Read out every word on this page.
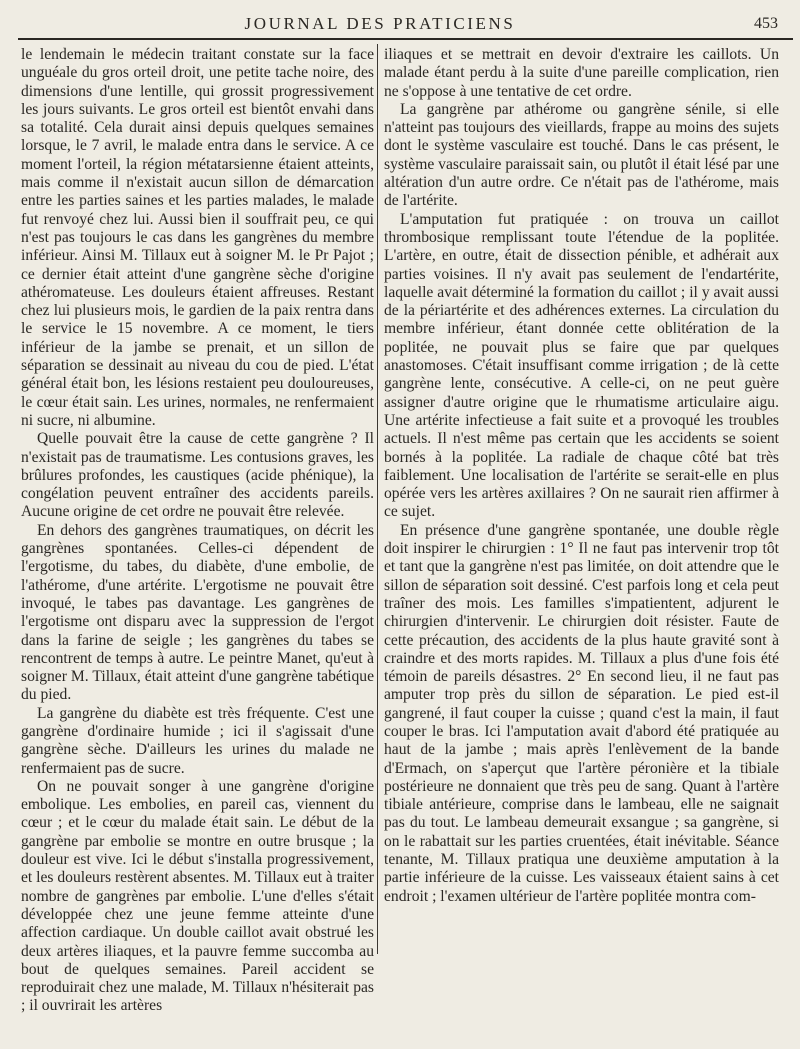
JOURNAL DES PRATICIENS	453

le lendemain le médecin traitant constate sur la face unguéale du gros orteil droit, une petite tache noire, des dimensions d'une lentille, qui grossit progressivement les jours suivants. Le gros orteil est bientôt envahi dans sa totalité. Cela durait ainsi depuis quelques semaines lorsque, le 7 avril, le malade entra dans le service. A ce moment l'orteil, la région métatarsienne étaient atteints, mais comme il n'existait aucun sillon de démarcation entre les parties saines et les parties malades, le malade fut renvoyé chez lui. Aussi bien il souffrait peu, ce qui n'est pas toujours le cas dans les gangrènes du membre inférieur. Ainsi M. Tillaux eut à soigner M. le Pr Pajot ; ce dernier était atteint d'une gangrène sèche d'origine athéromateuse. Les douleurs étaient affreuses. Restant chez lui plusieurs mois, le gardien de la paix rentra dans le service le 15 novembre. A ce moment, le tiers inférieur de la jambe se prenait, et un sillon de séparation se dessinait au niveau du cou de pied. L'état général était bon, les lésions restaient peu douloureuses, le cœur était sain. Les urines, normales, ne renfermaient ni sucre, ni albumine.

Quelle pouvait être la cause de cette gangrène ? Il n'existait pas de traumatisme. Les contusions graves, les brûlures profondes, les caustiques (acide phénique), la congélation peuvent entraîner des accidents pareils. Aucune origine de cet ordre ne pouvait être relevée.

En dehors des gangrènes traumatiques, on décrit les gangrènes spontanées. Celles-ci dépendent de l'ergotisme, du tabes, du diabète, d'une embolie, de l'athérome, d'une artérite. L'ergotisme ne pouvait être invoqué, le tabes pas davantage. Les gangrènes de l'ergotisme ont disparu avec la suppression de l'ergot dans la farine de seigle ; les gangrènes du tabes se rencontrent de temps à autre. Le peintre Manet, qu'eut à soigner M. Tillaux, était atteint d'une gangrène tabétique du pied.

La gangrène du diabète est très fréquente. C'est une gangrène d'ordinaire humide ; ici il s'agissait d'une gangrène sèche. D'ailleurs les urines du malade ne renfermaient pas de sucre.

On ne pouvait songer à une gangrène d'origine embolique. Les embolies, en pareil cas, viennent du cœur ; et le cœur du malade était sain. Le début de la gangrène par embolie se montre en outre brusque ; la douleur est vive. Ici le début s'installa progressivement, et les douleurs restèrent absentes. M. Tillaux eut à traiter nombre de gangrènes par embolie. L'une d'elles s'était développée chez une jeune femme atteinte d'une affection cardiaque. Un double caillot avait obstrué les deux artères iliaques, et la pauvre femme succomba au bout de quelques semaines. Pareil accident se reproduirait chez une malade, M. Tillaux n'hésiterait pas ; il ouvrirait les artères

iliaques et se mettrait en devoir d'extraire les caillots. Un malade étant perdu à la suite d'une pareille complication, rien ne s'oppose à une tentative de cet ordre.

La gangrène par athérome ou gangrène sénile, si elle n'atteint pas toujours des vieillards, frappe au moins des sujets dont le système vasculaire est touché. Dans le cas présent, le système vasculaire paraissait sain, ou plutôt il était lésé par une altération d'un autre ordre. Ce n'était pas de l'athérome, mais de l'artérite.

L'amputation fut pratiquée : on trouva un caillot thrombosique remplissant toute l'étendue de la poplitée. L'artère, en outre, était de dissection pénible, et adhérait aux parties voisines. Il n'y avait pas seulement de l'endartérite, laquelle avait déterminé la formation du caillot ; il y avait aussi de la périartérite et des adhérences externes. La circulation du membre inférieur, étant donnée cette oblitération de la poplitée, ne pouvait plus se faire que par quelques anastomoses. C'était insuffisant comme irrigation ; de là cette gangrène lente, consécutive. A celle-ci, on ne peut guère assigner d'autre origine que le rhumatisme articulaire aigu. Une artérite infectieuse a fait suite et a provoqué les troubles actuels. Il n'est même pas certain que les accidents se soient bornés à la poplitée. La radiale de chaque côté bat très faiblement. Une localisation de l'artérite se serait-elle en plus opérée vers les artères axillaires ? On ne saurait rien affirmer à ce sujet.

En présence d'une gangrène spontanée, une double règle doit inspirer le chirurgien : 1° Il ne faut pas intervenir trop tôt et tant que la gangrène n'est pas limitée, on doit attendre que le sillon de séparation soit dessiné. C'est parfois long et cela peut traîner des mois. Les familles s'impatientent, adjurent le chirurgien d'intervenir. Le chirurgien doit résister. Faute de cette précaution, des accidents de la plus haute gravité sont à craindre et des morts rapides. M. Tillaux a plus d'une fois été témoin de pareils désastres. 2° En second lieu, il ne faut pas amputer trop près du sillon de séparation. Le pied est-il gangrené, il faut couper la cuisse ; quand c'est la main, il faut couper le bras. Ici l'amputation avait d'abord été pratiquée au haut de la jambe ; mais après l'enlèvement de la bande d'Ermach, on s'aperçut que l'artère péronière et la tibiale postérieure ne donnaient que très peu de sang. Quant à l'artère tibiale antérieure, comprise dans le lambeau, elle ne saignait pas du tout. Le lambeau demeurait exsangue ; sa gangrène, si on le rabattait sur les parties cruentées, était inévitable. Séance tenante, M. Tillaux pratiqua une deuxième amputation à la partie inférieure de la cuisse. Les vaisseaux étaient sains à cet endroit ; l'examen ultérieur de l'artère poplitée montra com-
